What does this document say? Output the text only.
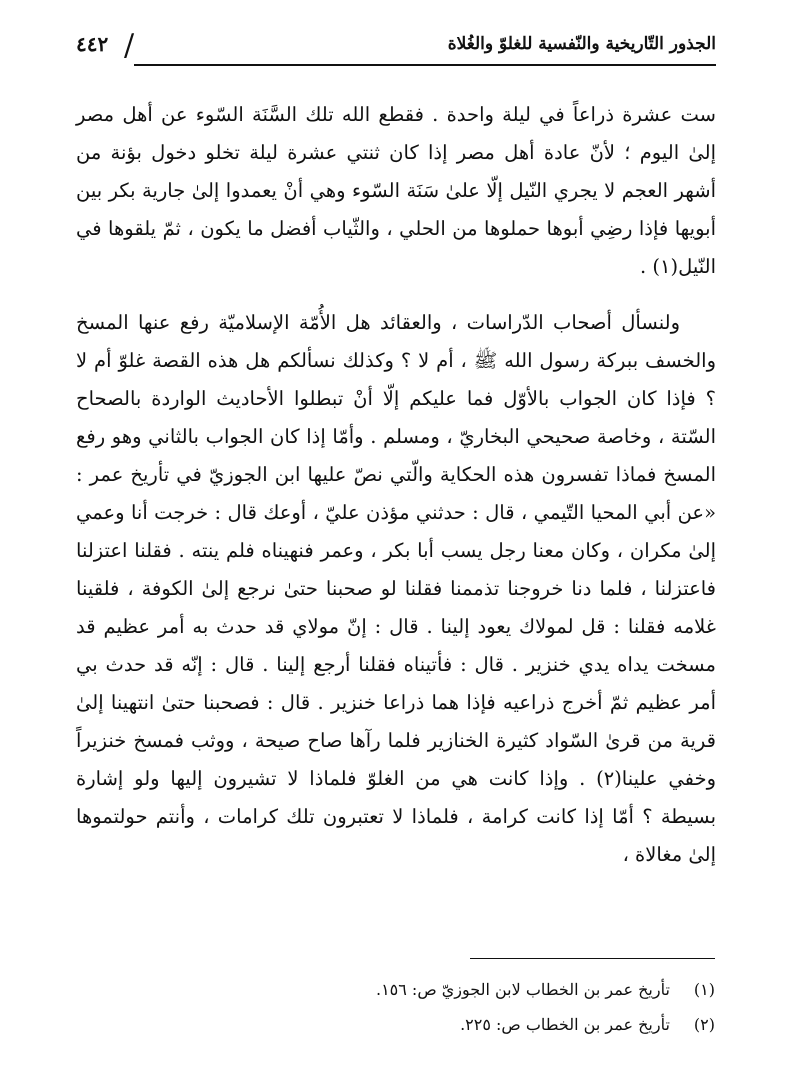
٤٤٢ /	الجذور التّاريخية والنّفسية للغلوّ والغُلاة

ست عشرة ذراعاً في ليلة واحدة . فقطع الله تلك السَّنَة السّوء عن أهل مصر إلىٰ اليوم ؛ لأنّ عادة أهل مصر إذا كان ثنتي عشرة ليلة تخلو دخول بؤنة من أشهر العجم لا يجري النّيل إلّا علىٰ سَنَة السّوء وهي أنْ يعمدوا إلىٰ جارية بكر بين أبويها فإذا رضِي أبوها حملوها من الحلي ، والثّياب أفضل ما يكون ، ثمّ يلقوها في النّيل(١) .

ولنسأل أصحاب الدّراسات ، والعقائد هل الأُمّة الإسلاميّة رفع عنها المسخ والخسف ببركة رسول الله ﷺ ، أم لا ؟ وكذلك نسألكم هل هذه القصة غلوّ أم لا ؟ فإذا كان الجواب بالأوّل فما عليكم إلّا أنْ تبطلوا الأحاديث الواردة بالصحاح السّتة ، وخاصة صحيحي البخاريّ ، ومسلم . وأمّا إذا كان الجواب بالثاني وهو رفع المسخ فماذا تفسرون هذه الحكاية والّتي نصّ عليها ابن الجوزيّ في تأريخ عمر : «عن أبي المحيا التّيمي ، قال : حدثني مؤذن عليّ ، أوعك قال : خرجت أنا وعمي إلىٰ مكران ، وكان معنا رجل يسب أبا بكر ، وعمر فنهيناه فلم ينته . فقلنا اعتزلنا فاعتزلنا ، فلما دنا خروجنا تذممنا فقلنا لو صحبنا حتىٰ نرجع إلىٰ الكوفة ، فلقينا غلامه فقلنا : قل لمولاك يعود إلينا . قال : إنّ مولاي قد حدث به أمر عظيم قد مسخت يداه يدي خنزير . قال : فأتيناه فقلنا أرجع إلينا . قال : إنّه قد حدث بي أمر عظيم ثمّ أخرج ذراعيه فإذا هما ذراعا خنزير . قال : فصحبنا حتىٰ انتهينا إلىٰ قرية من قرىٰ السّواد كثيرة الخنازير فلما رآها صاح صيحة ، ووثب فمسخ خنزيراً وخفي علينا(٢) . وإذا كانت هي من الغلوّ فلماذا لا تشيرون إليها ولو إشارة بسيطة ؟ أمّا إذا كانت كرامة ، فلماذا لا تعتبرون تلك كرامات ، وأنتم حولتموها إلىٰ مغالاة ،

(١) تأريخ عمر بن الخطاب لابن الجوزيّ ص: ١٥٦.
(٢) تأريخ عمر بن الخطاب ص: ٢٢٥.
